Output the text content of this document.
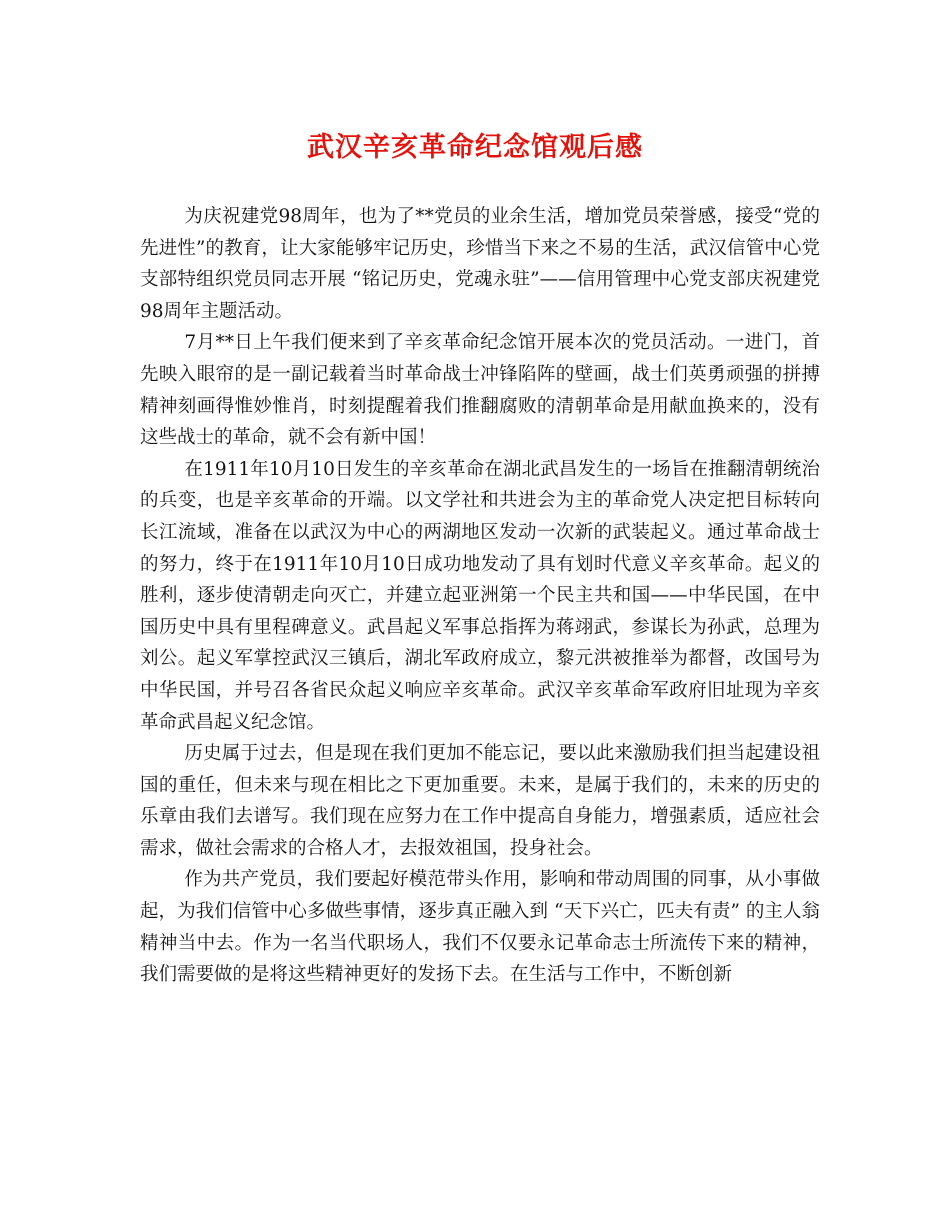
武汉辛亥革命纪念馆观后感

为庆祝建党98周年，也为了**党员的业余生活，增加党员荣誉感，接受“党的先进性”的教育，让大家能够牢记历史，珍惜当下来之不易的生活，武汉信管中心党支部特组织党员同志开展 “铭记历史，党魂永驻”——信用管理中心党支部庆祝建党98周年主题活动。

7月**日上午我们便来到了辛亥革命纪念馆开展本次的党员活动。一进门，首先映入眼帘的是一副记载着当时革命战士冲锋陷阵的壁画，战士们英勇顽强的拼搏精神刻画得惟妙惟肖，时刻提醒着我们推翻腐败的清朝革命是用献血换来的，没有这些战士的革命，就不会有新中国！

在1911年10月10日发生的辛亥革命在湖北武昌发生的一场旨在推翻清朝统治的兵变，也是辛亥革命的开端。以文学社和共进会为主的革命党人决定把目标转向长江流域，准备在以武汉为中心的两湖地区发动一次新的武装起义。通过革命战士的努力，终于在1911年10月10日成功地发动了具有划时代意义辛亥革命。起义的胜利，逐步使清朝走向灭亡，并建立起亚洲第一个民主共和国——中华民国，在中国历史中具有里程碑意义。武昌起义军事总指挥为蒋翊武，参谋长为孙武，总理为刘公。起义军掌控武汉三镇后，湖北军政府成立，黎元洪被推举为都督，改国号为中华民国，并号召各省民众起义响应辛亥革命。武汉辛亥革命军政府旧址现为辛亥革命武昌起义纪念馆。

历史属于过去，但是现在我们更加不能忘记，要以此来激励我们担当起建设祖国的重任，但未来与现在相比之下更加重要。未来，是属于我们的，未来的历史的乐章由我们去谱写。我们现在应努力在工作中提高自身能力，增强素质，适应社会需求，做社会需求的合格人才，去报效祖国，投身社会。

作为共产党员，我们要起好模范带头作用，影响和带动周围的同事，从小事做起，为我们信管中心多做些事情，逐步真正融入到 “天下兴亡，匹夫有责” 的主人翁精神当中去。作为一名当代职场人，我们不仅要永记革命志士所流传下来的精神，我们需要做的是将这些精神更好的发扬下去。在生活与工作中，不断创新
